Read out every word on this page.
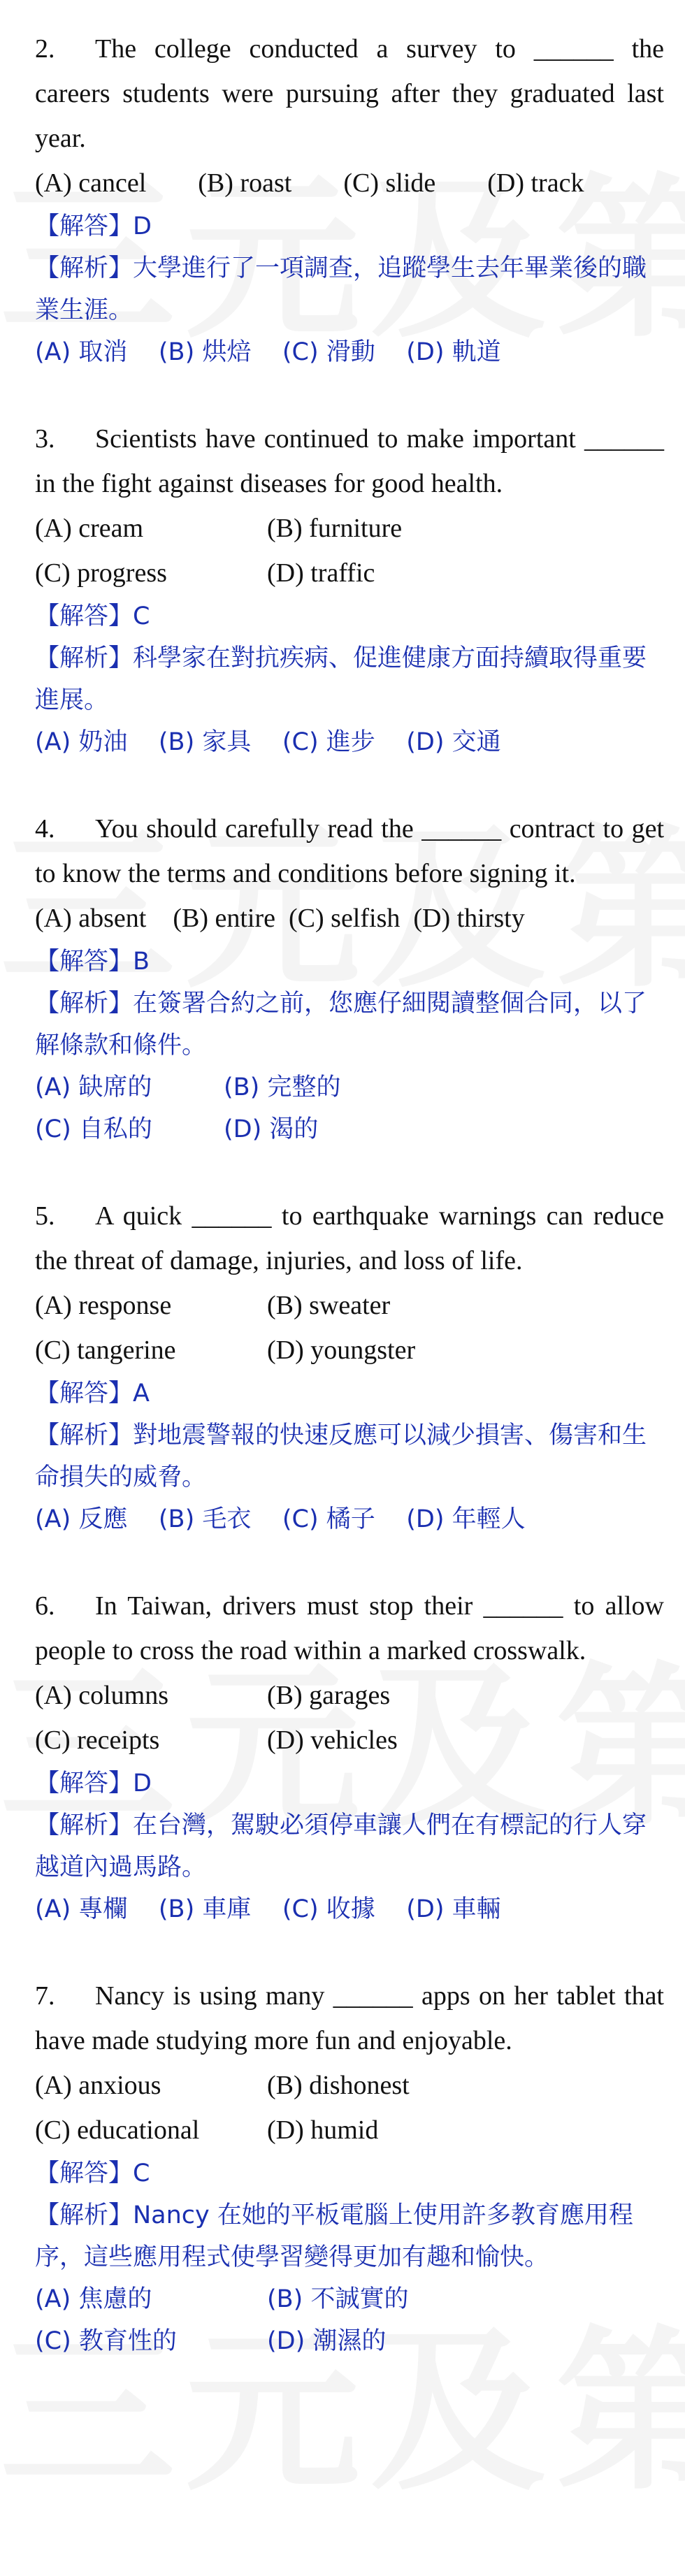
2. The college conducted a survey to ______ the careers students were pursuing after they graduated last year.

(A) cancel (B) roast (C) slide (D) track
【解答】D
【解析】大學進行了一項調查，追蹤學生去年畢業後的職業生涯。
(A) 取消 (B) 烘焙 (C) 滑動 (D) 軌道

3. Scientists have continued to make important ______ in the fight against diseases for good health.

(A) cream	(B) furniture
(C) progress	(D) traffic
【解答】C
【解析】科學家在對抗疾病、促進健康方面持續取得重要進展。
(A) 奶油 (B) 家具 (C) 進步 (D) 交通

4. You should carefully read the ______ contract to get to know the terms and conditions before signing it.

(A) absent (B) entire (C) selfish (D) thirsty
【解答】B
【解析】在簽署合約之前，您應仔細閱讀整個合同，以了解條款和條件。
(A) 缺席的	(B) 完整的
(C) 自私的	(D) 渴的

5. A quick ______ to earthquake warnings can reduce the threat of damage, injuries, and loss of life.

(A) response	(B) sweater
(C) tangerine	(D) youngster
【解答】A
【解析】對地震警報的快速反應可以減少損害、傷害和生命損失的威脅。
(A) 反應 (B) 毛衣 (C) 橘子 (D) 年輕人

6. In Taiwan, drivers must stop their ______ to allow people to cross the road within a marked crosswalk.

(A) columns	(B) garages
(C) receipts	(D) vehicles
【解答】D
【解析】在台灣，駕駛必須停車讓人們在有標記的行人穿越道內過馬路。
(A) 專欄 (B) 車庫 (C) 收據 (D) 車輛

7. Nancy is using many ______ apps on her tablet that have made studying more fun and enjoyable.

(A) anxious	(B) dishonest
(C) educational	(D) humid
【解答】C
【解析】Nancy 在她的平板電腦上使用許多教育應用程序，這些應用程式使學習變得更加有趣和愉快。
(A) 焦慮的	(B) 不誠實的
(C) 教育性的	(D) 潮濕的
